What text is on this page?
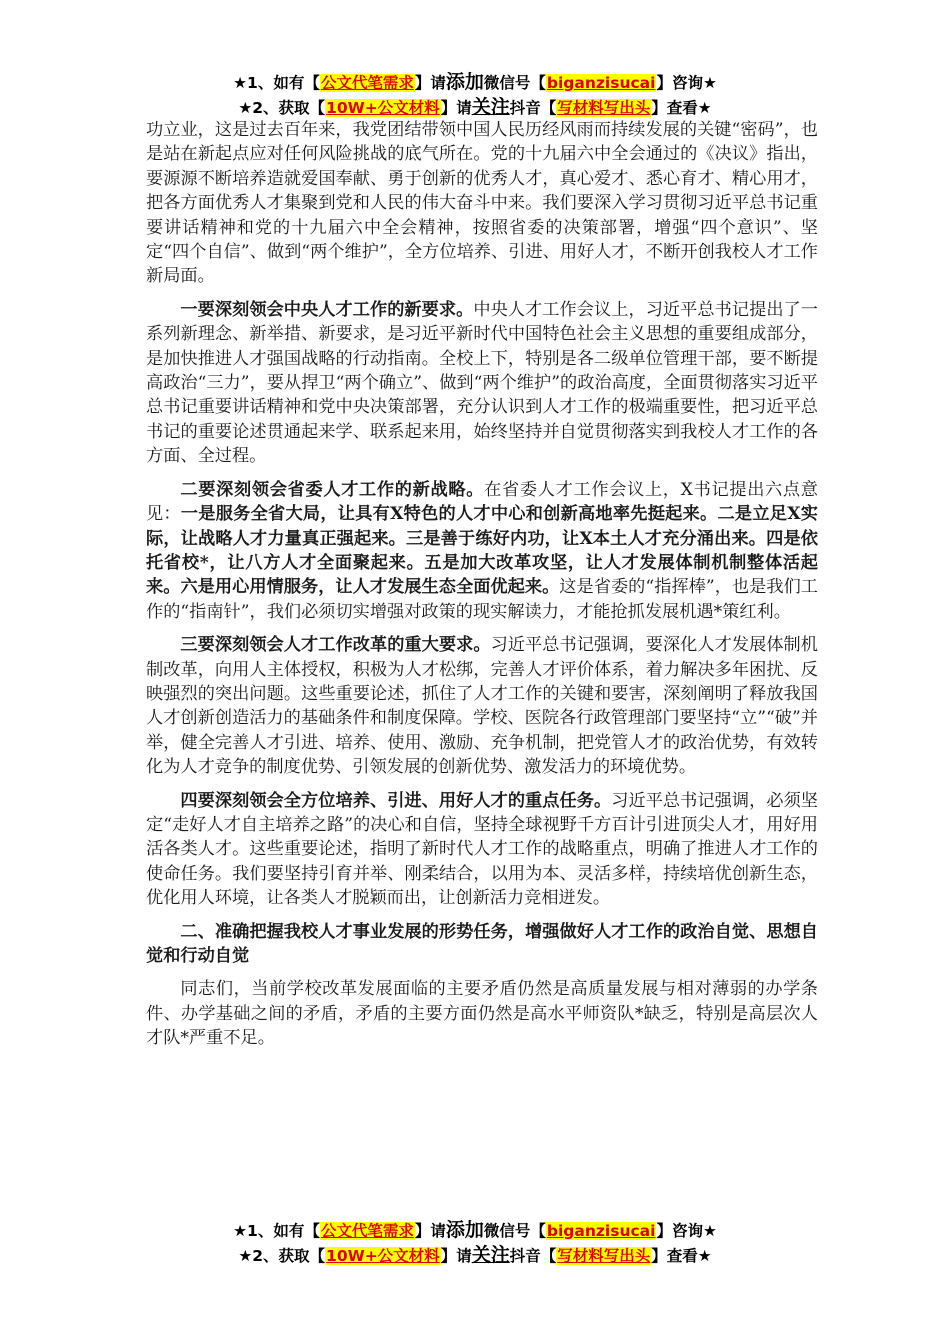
★1、如有【公文代笔需求】请添加微信号【biganzisucai】咨询★
★2、获取【10W+公文材料】请关注抖音【写材料写出头】查看★

功立业，这是过去百年来，我党团结带领中国人民历经风雨而持续发展的关键“密码”，也是站在新起点应对任何风险挑战的底气所在。党的十九届六中全会通过的《决议》指出，要源源不断培养造就爱国奉献、勇于创新的优秀人才，真心爱才、悉心育才、精心用才，把各方面优秀人才集聚到党和人民的伟大奋斗中来。我们要深入学习贯彻习近平总书记重要讲话精神和党的十九届六中全会精神，按照省委的决策部署，增强“四个意识”、坚定“四个自信”、做到“两个维护”，全方位培养、引进、用好人才，不断开创我校人才工作新局面。

一要深刻领会中央人才工作的新要求。中央人才工作会议上，习近平总书记提出了一系列新理念、新举措、新要求，是习近平新时代中国特色社会主义思想的重要组成部分，是加快推进人才强国战略的行动指南。全校上下，特别是各二级单位管理干部，要不断提高政治“三力”，要从捍卫“两个确立”、做到“两个维护”的政治高度，全面贯彻落实习近平总书记重要讲话精神和党中央决策部署，充分认识到人才工作的极端重要性，把习近平总书记的重要论述贯通起来学、联系起来用，始终坚持并自觉贯彻落实到我校人才工作的各方面、全过程。

二要深刻领会省委人才工作的新战略。在省委人才工作会议上，X书记提出六点意见：一是服务全省大局，让具有X特色的人才中心和创新高地率先挺起来。二是立足X实际，让战略人才力量真正强起来。三是善于练好内功，让X本土人才充分涌出来。四是依托省校*，让八方人才全面聚起来。五是加大改革攻坚，让人才发展体制机制整体活起来。六是用心用情服务，让人才发展生态全面优起来。这是省委的“指挥棒”，也是我们工作的“指南针”，我们必须切实增强对政策的现实解读力，才能抢抓发展机遇*策红利。

三要深刻领会人才工作改革的重大要求。习近平总书记强调，要深化人才发展体制机制改革，向用人主体授权，积极为人才松绑，完善人才评价体系，着力解决多年困扰、反映强烈的突出问题。这些重要论述，抓住了人才工作的关键和要害，深刻阐明了释放我国人才创新创造活力的基础条件和制度保障。学校、医院各行政管理部门要坚持“立”“破”并举，健全完善人才引进、培养、使用、激励、充争机制，把党管人才的政治优势，有效转化为人才竞争的制度优势、引领发展的创新优势、激发活力的环境优势。

四要深刻领会全方位培养、引进、用好人才的重点任务。习近平总书记强调，必须坚定“走好人才自主培养之路”的决心和自信，坚持全球视野千方百计引进顶尖人才，用好用活各类人才。这些重要论述，指明了新时代人才工作的战略重点，明确了推进人才工作的使命任务。我们要坚持引育并举、刚柔结合，以用为本、灵活多样，持续培优创新生态，优化用人环境，让各类人才脱颖而出，让创新活力竞相迸发。

二、准确把握我校人才事业发展的形势任务，增强做好人才工作的政治自觉、思想自觉和行动自觉

同志们，当前学校改革发展面临的主要矛盾仍然是高质量发展与相对薄弱的办学条件、办学基础之间的矛盾，矛盾的主要方面仍然是高水平师资队*缺乏，特别是高层次人才队*严重不足。

★1、如有【公文代笔需求】请添加微信号【biganzisucai】咨询★
★2、获取【10W+公文材料】请关注抖音【写材料写出头】查看★
